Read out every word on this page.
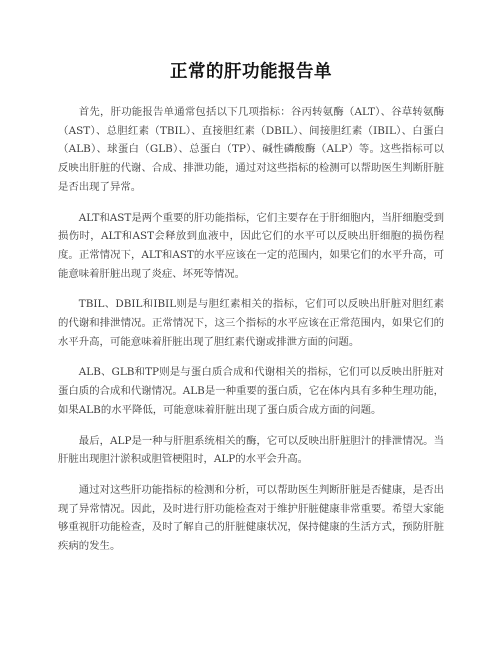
正常的肝功能报告单

首先，肝功能报告单通常包括以下几项指标：谷丙转氨酶（ALT）、谷草转氨酶（AST）、总胆红素（TBIL）、直接胆红素（DBIL）、间接胆红素（IBIL）、白蛋白（ALB）、球蛋白（GLB）、总蛋白（TP）、碱性磷酸酶（ALP）等。这些指标可以反映出肝脏的代谢、合成、排泄功能，通过对这些指标的检测可以帮助医生判断肝脏是否出现了异常。

ALT和AST是两个重要的肝功能指标，它们主要存在于肝细胞内，当肝细胞受到损伤时，ALT和AST会释放到血液中，因此它们的水平可以反映出肝细胞的损伤程度。正常情况下，ALT和AST的水平应该在一定的范围内，如果它们的水平升高，可能意味着肝脏出现了炎症、坏死等情况。

TBIL、DBIL和IBIL则是与胆红素相关的指标，它们可以反映出肝脏对胆红素的代谢和排泄情况。正常情况下，这三个指标的水平应该在正常范围内，如果它们的水平升高，可能意味着肝脏出现了胆红素代谢或排泄方面的问题。

ALB、GLB和TP则是与蛋白质合成和代谢相关的指标，它们可以反映出肝脏对蛋白质的合成和代谢情况。ALB是一种重要的蛋白质，它在体内具有多种生理功能，如果ALB的水平降低，可能意味着肝脏出现了蛋白质合成方面的问题。

最后，ALP是一种与肝胆系统相关的酶，它可以反映出肝脏胆汁的排泄情况。当肝脏出现胆汁淤积或胆管梗阻时，ALP的水平会升高。

通过对这些肝功能指标的检测和分析，可以帮助医生判断肝脏是否健康，是否出现了异常情况。因此，及时进行肝功能检查对于维护肝脏健康非常重要。希望大家能够重视肝功能检查，及时了解自己的肝脏健康状况，保持健康的生活方式，预防肝脏疾病的发生。
